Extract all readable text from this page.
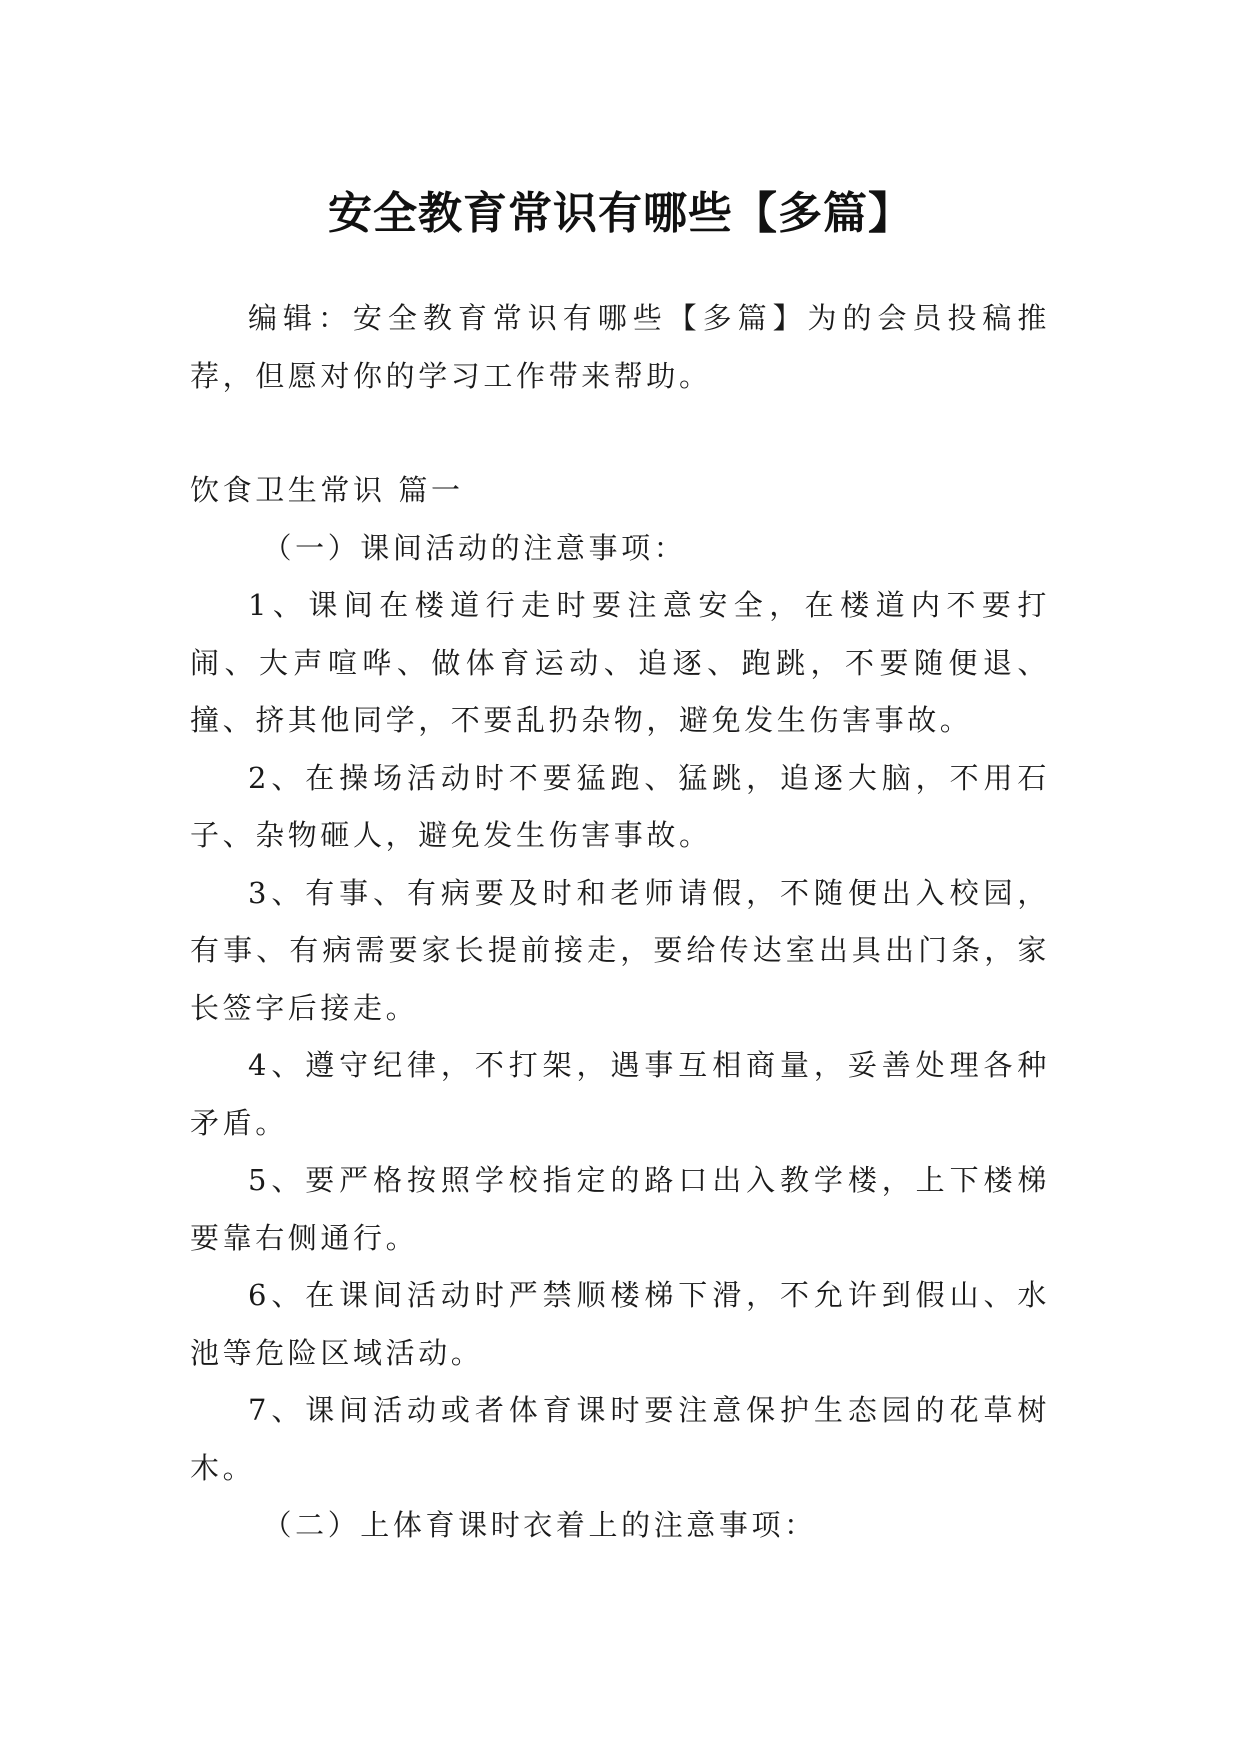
安全教育常识有哪些【多篇】

编辑：安全教育常识有哪些【多篇】为的会员投稿推荐，但愿对你的学习工作带来帮助。

饮食卫生常识 篇一

（一）课间活动的注意事项：

1、课间在楼道行走时要注意安全，在楼道内不要打闹、大声喧哗、做体育运动、追逐、跑跳，不要随便退、撞、挤其他同学，不要乱扔杂物，避免发生伤害事故。

2、在操场活动时不要猛跑、猛跳，追逐大脑，不用石子、杂物砸人，避免发生伤害事故。

3、有事、有病要及时和老师请假，不随便出入校园，有事、有病需要家长提前接走，要给传达室出具出门条，家长签字后接走。

4、遵守纪律，不打架，遇事互相商量，妥善处理各种矛盾。

5、要严格按照学校指定的路口出入教学楼，上下楼梯要靠右侧通行。

6、在课间活动时严禁顺楼梯下滑，不允许到假山、水池等危险区域活动。

7、课间活动或者体育课时要注意保护生态园的花草树木。

（二）上体育课时衣着上的注意事项：
